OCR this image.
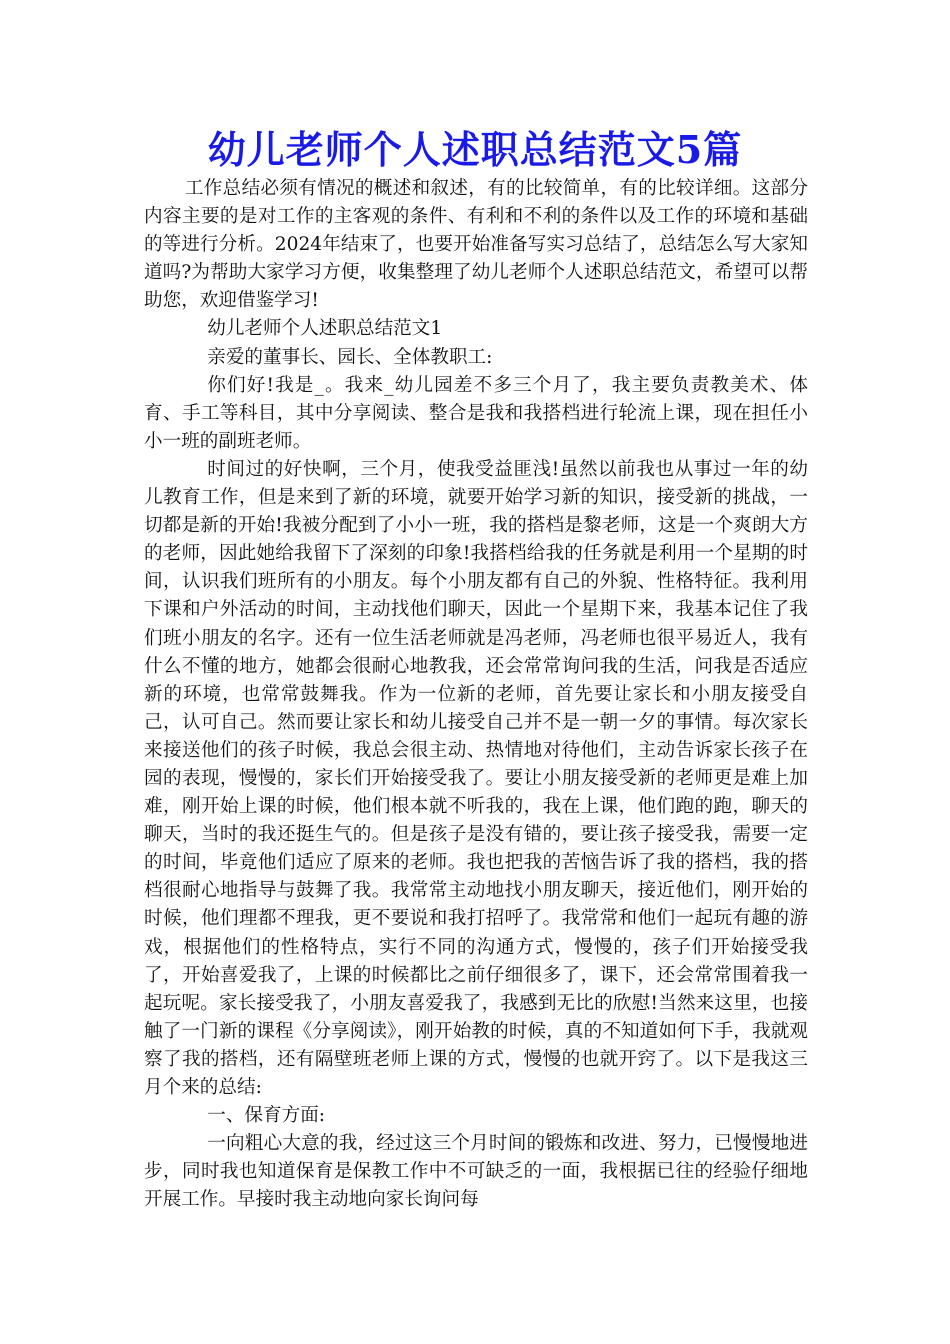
幼儿老师个人述职总结范文5篇

工作总结必须有情况的概述和叙述，有的比较简单，有的比较详细。这部分内容主要的是对工作的主客观的条件、有利和不利的条件以及工作的环境和基础的等进行分析。2024年结束了，也要开始准备写实习总结了，总结怎么写大家知道吗?为帮助大家学习方便，收集整理了幼儿老师个人述职总结范文，希望可以帮助您，欢迎借鉴学习!

幼儿老师个人述职总结范文1

亲爱的董事长、园长、全体教职工:

你们好!我是_。我来_幼儿园差不多三个月了，我主要负责教美术、体育、手工等科目，其中分享阅读、整合是我和我搭档进行轮流上课，现在担任小小一班的副班老师。

时间过的好快啊，三个月，使我受益匪浅!虽然以前我也从事过一年的幼儿教育工作，但是来到了新的环境，就要开始学习新的知识，接受新的挑战，一切都是新的开始!我被分配到了小小一班，我的搭档是黎老师，这是一个爽朗大方的老师，因此她给我留下了深刻的印象!我搭档给我的任务就是利用一个星期的时间，认识我们班所有的小朋友。每个小朋友都有自己的外貌、性格特征。我利用下课和户外活动的时间，主动找他们聊天，因此一个星期下来，我基本记住了我们班小朋友的名字。还有一位生活老师就是冯老师，冯老师也很平易近人，我有什么不懂的地方，她都会很耐心地教我，还会常常询问我的生活，问我是否适应新的环境，也常常鼓舞我。作为一位新的老师，首先要让家长和小朋友接受自己，认可自己。然而要让家长和幼儿接受自己并不是一朝一夕的事情。每次家长来接送他们的孩子时候，我总会很主动、热情地对待他们，主动告诉家长孩子在园的表现，慢慢的，家长们开始接受我了。要让小朋友接受新的老师更是难上加难，刚开始上课的时候，他们根本就不听我的，我在上课，他们跑的跑，聊天的聊天，当时的我还挺生气的。但是孩子是没有错的，要让孩子接受我，需要一定的时间，毕竟他们适应了原来的老师。我也把我的苦恼告诉了我的搭档，我的搭档很耐心地指导与鼓舞了我。我常常主动地找小朋友聊天，接近他们，刚开始的时候，他们理都不理我，更不要说和我打招呼了。我常常和他们一起玩有趣的游戏，根据他们的性格特点，实行不同的沟通方式，慢慢的，孩子们开始接受我了，开始喜爱我了，上课的时候都比之前仔细很多了，课下，还会常常围着我一起玩呢。家长接受我了，小朋友喜爱我了，我感到无比的欣慰!当然来这里，也接触了一门新的课程《分享阅读》，刚开始教的时候，真的不知道如何下手，我就观察了我的搭档，还有隔壁班老师上课的方式，慢慢的也就开窍了。以下是我这三月个来的总结:

一、保育方面:

一向粗心大意的我，经过这三个月时间的锻炼和改进、努力，已慢慢地进步，同时我也知道保育是保教工作中不可缺乏的一面，我根据已往的经验仔细地开展工作。早接时我主动地向家长询问每
